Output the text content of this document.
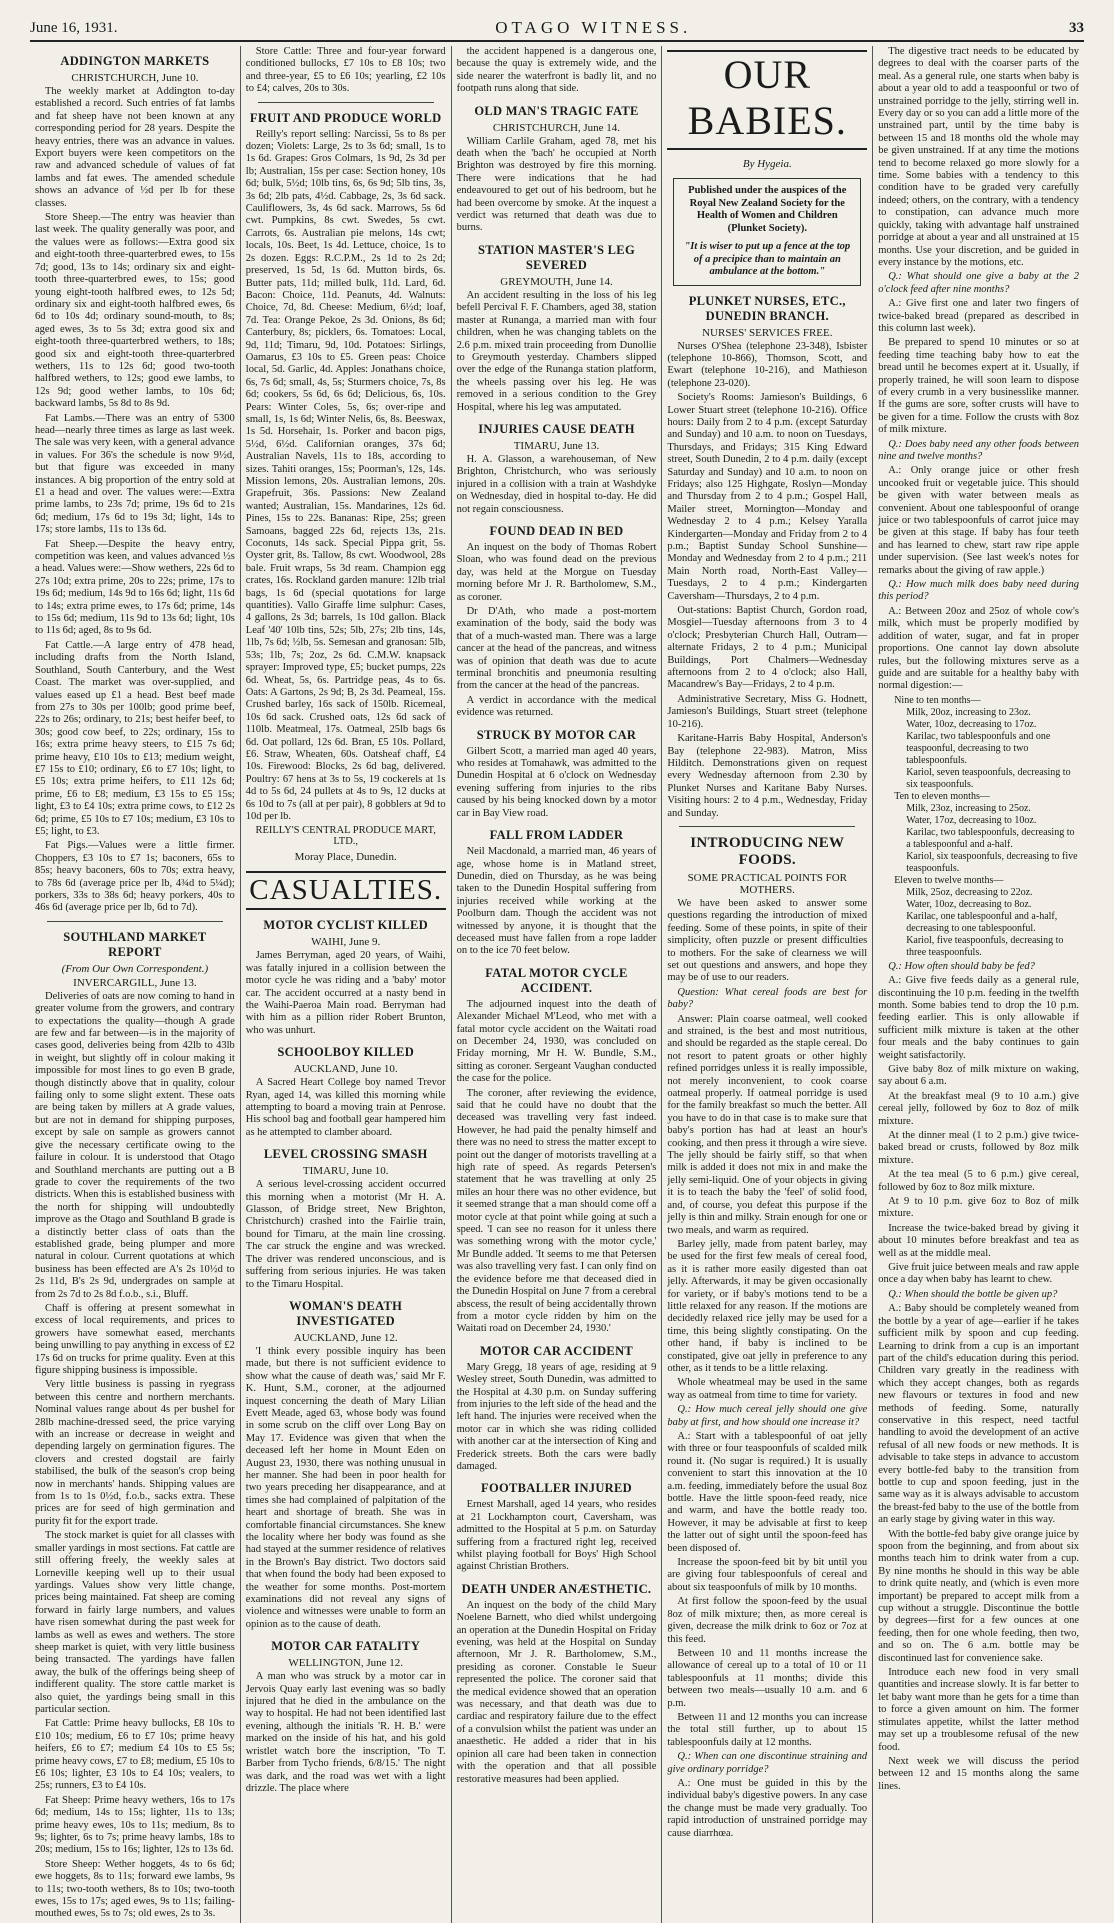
June 16, 1931.	OTAGO WITNESS.	33
ADDINGTON MARKETS
CHRISTCHURCH, June 10.

The weekly market at Addington to-day established a record. Such entries of fat lambs and fat sheep have not been known at any corresponding period for 28 years. Despite the heavy entries, there was an advance in values. Export buyers were keen competitors on the raw and advanced schedule of values of fat lambs and fat ewes. The amended schedule shows an advance of ½d per lb for these classes.

Store Sheep.—The entry was heavier than last week. The quality generally was poor, and the values were as follows:—Extra good six and eight-tooth three-quarterbred ewes, to 15s 7d; good, 13s to 14s; ordinary six and eight-tooth three-quarterbred ewes, to 15s; good young eight-tooth halfbred ewes, to 12s 5d; ordinary six and eight-tooth halfbred ewes, 6s 6d to 10s 4d; ordinary sound-mouth, to 8s; aged ewes, 3s to 5s 3d; extra good six and eight-tooth three-quarterbred wethers, to 18s; good six and eight-tooth three-quarterbred wethers, 11s to 12s 6d; good two-tooth halfbred wethers, to 12s; good ewe lambs, to 12s 9d; good wether lambs, to 10s 6d; backward lambs, 5s 8d to 8s 9d.

Fat Lambs.—There was an entry of 5300 head—nearly three times as large as last week. The sale was very keen, with a general advance in values. For 36's the schedule is now 9½d, but that figure was exceeded in many instances. A big proportion of the entry sold at £1 a head and over. The values were:—Extra prime lambs, to 23s 7d; prime, 19s 6d to 21s 6d; medium, 17s 6d to 19s 3d; light, 14s to 17s; store lambs, 11s to 13s 6d.

Fat Sheep.—Despite the heavy entry, competition was keen, and values advanced ½s a head. Values were:—Show wethers, 22s 6d to 27s 10d; extra prime, 20s to 22s; prime, 17s to 19s 6d; medium, 14s 9d to 16s 6d; light, 11s 6d to 14s; extra prime ewes, to 17s 6d; prime, 14s to 15s 6d; medium, 11s 9d to 13s 6d; light, 10s to 11s 6d; aged, 8s to 9s 6d.

Fat Cattle.—A large entry of 478 head, including drafts from the North Island, Southland, South Canterbury, and the West Coast. The market was over-supplied, and values eased up £1 a head. Best beef made from 27s to 30s per 100lb; good prime beef, 22s to 26s; ordinary, to 21s; best heifer beef, to 30s; good cow beef, to 22s; ordinary, 15s to 16s; extra prime heavy steers, to £15 7s 6d; prime heavy, £10 10s to £13; medium weight, £7 15s to £10; ordinary, £6 to £7 10s; light, to £5 10s; extra prime heifers, to £11 12s 6d; prime, £6 to £8; medium, £3 15s to £5 15s; light, £3 to £4 10s; extra prime cows, to £12 2s 6d; prime, £5 10s to £7 10s; medium, £3 10s to £5; light, to £3.

Fat Pigs.—Values were a little firmer. Choppers, £3 10s to £7 1s; baconers, 65s to 85s; heavy baconers, 60s to 70s; extra heavy, to 78s 6d (average price per lb, 4¾d to 5¼d); porkers, 33s to 38s 6d; heavy porkers, 40s to 46s 6d (average price per lb, 6d to 7d).

SOUTHLAND MARKET REPORT
(From Our Own Correspondent.)
INVERCARGILL, June 13.

Deliveries of oats are now coming to hand in greater volume from the growers, and contrary to expectations the quality—though A grade are few and far between—is in the majority of cases good, deliveries being from 42lb to 43lb in weight, but slightly off in colour making it impossible for most lines to go even B grade, though distinctly above that in quality, colour failing only to some slight extent. These oats are being taken by millers at A grade values, but are not in demand for shipping purposes, except by sale on sample as growers cannot give the necessary certificate owing to the failure in colour. It is understood that Otago and Southland merchants are putting out a B grade to cover the requirements of the two districts. When this is established business with the north for shipping will undoubtedly improve as the Otago and Southland B grade is a distinctly better class of oats than the established grade, being plumper and more natural in colour. Current quotations at which business has been effected are A's 2s 10½d to 2s 11d, B's 2s 9d, undergrades on sample at from 2s 7d to 2s 8d f.o.b., s.i., Bluff.

Chaff is offering at present somewhat in excess of local requirements, and prices to growers have somewhat eased, merchants being unwilling to pay anything in excess of £2 17s 6d on trucks for prime quality. Even at this figure shipping business is impossible.

Very little business is passing in ryegrass between this centre and northern merchants. Nominal values range about 4s per bushel for 28lb machine-dressed seed, the price varying with an increase or decrease in weight and depending largely on germination figures. The clovers and crested dogstail are fairly stabilised, the bulk of the season's crop being now in merchants' hands. Shipping values are from 1s to 1s 0½d, f.o.b., sacks extra. These prices are for seed of high germination and purity fit for the export trade.

The stock market is quiet for all classes with smaller yardings in most sections. Fat cattle are still offering freely, the weekly sales at Lorneville keeping well up to their usual yardings. Values show very little change, prices being maintained. Fat sheep are coming forward in fairly large numbers, and values have risen somewhat during the past week for lambs as well as ewes and wethers. The store sheep market is quiet, with very little business being transacted. The yardings have fallen away, the bulk of the offerings being sheep of indifferent quality. The store cattle market is also quiet, the yardings being small in this particular section.

Fat Cattle: Prime heavy bullocks, £8 10s to £10 10s; medium, £6 to £7 10s; prime heavy heifers, £6 to £7; medium £4 10s to £5 5s; prime heavy cows, £7 to £8; medium, £5 10s to £6 10s; lighter, £3 10s to £4 10s; vealers, to 25s; runners, £3 to £4 10s.

Fat Sheep: Prime heavy wethers, 16s to 17s 6d; medium, 14s to 15s; lighter, 11s to 13s; prime heavy ewes, 10s to 11s; medium, 8s to 9s; lighter, 6s to 7s; prime heavy lambs, 18s to 20s; medium, 15s to 16s; lighter, 12s to 13s 6d.

Store Sheep: Wether hoggets, 4s to 6s 6d; ewe hoggets, 8s to 11s; forward ewe lambs, 9s to 11s; two-tooth wethers, 8s to 10s; two-tooth ewes, 15s to 17s; aged ewes, 9s to 11s; failing-mouthed ewes, 5s to 7s; old ewes, 2s to 3s.

Store Cattle: Three and four-year forward conditioned bullocks, £7 10s to £8 10s; two and three-year, £5 to £6 10s; yearling, £2 10s to £4; calves, 20s to 30s.

FRUIT AND PRODUCE WORLD

Reilly's report selling: Narcissi, 5s to 8s per dozen; Violets: Large, 2s to 3s 6d; small, 1s to 1s 6d. Grapes: Gros Colmars, 1s 9d, 2s 3d per lb; Australian, 15s per case: Section honey, 10s 6d; bulk, 5½d; 10lb tins, 6s, 6s 9d; 5lb tins, 3s, 3s 6d; 2lb pats, 4½d. Cabbage, 2s, 3s 6d sack. Cauliflowers, 3s, 4s 6d sack. Marrows, 5s 6d cwt. Pumpkins, 8s cwt. Swedes, 5s cwt. Carrots, 6s. Australian pie melons, 14s cwt; locals, 10s. Beet, 1s 4d. Lettuce, choice, 1s to 2s dozen. Eggs: R.C.P.M., 2s 1d to 2s 2d; preserved, 1s 5d, 1s 6d. Mutton birds, 6s. Butter pats, 11d; milled bulk, 11d. Lard, 6d. Bacon: Choice, 11d. Peanuts, 4d. Walnuts: Choice, 7d, 8d. Cheese: Medium, 6½d; loaf, 7d. Tea: Orange Pekoe, 2s 3d. Onions, 8s 6d; Canterbury, 8s; picklers, 6s. Tomatoes: Local, 9d, 11d; Timaru, 9d, 10d. Potatoes: Sirlings, Oamarus, £3 10s to £5. Green peas: Choice local, 5d. Garlic, 4d. Apples: Jonathans choice, 6s, 7s 6d; small, 4s, 5s; Sturmers choice, 7s, 8s 6d; cookers, 5s 6d, 6s 6d; Delicious, 6s, 10s. Pears: Winter Coles, 5s, 6s; over-ripe and small, 1s, 1s 6d; Winter Nelis, 6s, 8s. Beeswax, 1s 5d. Horsehair, 1s. Porker and bacon pigs, 5½d, 6½d. Californian oranges, 37s 6d; Australian Navels, 11s to 18s, according to sizes. Tahiti oranges, 15s; Poorman's, 12s, 14s. Mission lemons, 20s. Australian lemons, 20s. Grapefruit, 36s. Passions: New Zealand wanted; Australian, 15s. Mandarines, 12s 6d. Pines, 15s to 22s. Bananas: Ripe, 25s; green Samoans, bagged 22s 6d, rejects 13s, 21s. Coconuts, 14s sack. Special Pippa grit, 5s. Oyster grit, 8s. Tallow, 8s cwt. Woodwool, 28s bale. Fruit wraps, 5s 3d ream. Champion egg crates, 16s. Rockland garden manure: 12lb trial bags, 1s 6d (special quotations for large quantities). Vallo Giraffe lime sulphur: Cases, 4 gallons, 2s 3d; barrels, 1s 10d gallon. Black Leaf '40' 10lb tins, 52s; 5lb, 27s; 2lb tins, 14s, 1lb, 7s 6d; ½lb, 5s. Semesan and granosan: 5lb, 53s; 1lb, 7s; 2oz, 2s 6d. C.M.W. knapsack sprayer: Improved type, £5; bucket pumps, 22s 6d. Wheat, 5s, 6s. Partridge peas, 4s to 6s. Oats: A Gartons, 2s 9d; B, 2s 3d. Peameal, 15s. Crushed barley, 16s sack of 150lb. Ricemeal, 10s 6d sack. Crushed oats, 12s 6d sack of 110lb. Meatmeal, 17s. Oatmeal, 25lb bags 6s 6d. Oat pollard, 12s 6d. Bran, £5 10s. Pollard, £6. Straw, Wheaten, 60s. Oatsheaf chaff, £4 10s. Firewood: Blocks, 2s 6d bag, delivered. Poultry: 67 hens at 3s to 5s, 19 cockerels at 1s 4d to 5s 6d, 24 pullets at 4s to 9s, 12 ducks at 6s 10d to 7s (all at per pair), 8 gobblers at 9d to 10d per lb.

REILLY'S CENTRAL PRODUCE MART, LTD.,
Moray Place, Dunedin.
CASUALTIES.
MOTOR CYCLIST KILLED
WAIHI, June 9.

James Berryman, aged 20 years, of Waihi, was fatally injured in a collision between the motor cycle he was riding and a 'baby' motor car. The accident occurred at a nasty bend in the Waihi-Paeroa Main road. Berryman had with him as a pillion rider Robert Brunton, who was unhurt.

SCHOOLBOY KILLED
AUCKLAND, June 10.

A Sacred Heart College boy named Trevor Ryan, aged 14, was killed this morning while attempting to board a moving train at Penrose. His school bag and football gear hampered him as he attempted to clamber aboard.

LEVEL CROSSING SMASH
TIMARU, June 10.

A serious level-crossing accident occurred this morning when a motorist (Mr H. A. Glasson, of Bridge street, New Brighton, Christchurch) crashed into the Fairlie train, bound for Timaru, at the main line crossing. The car struck the engine and was wrecked. The driver was rendered unconscious, and is suffering from serious injuries. He was taken to the Timaru Hospital.

WOMAN'S DEATH INVESTIGATED
AUCKLAND, June 12.

'I think every possible inquiry has been made, but there is not sufficient evidence to show what the cause of death was,' said Mr F. K. Hunt, S.M., coroner, at the adjourned inquest concerning the death of Mary Lilian Evett Meade, aged 63, whose body was found in some scrub on the cliff over Long Bay on May 17. Evidence was given that when the deceased left her home in Mount Eden on August 23, 1930, there was nothing unusual in her manner. She had been in poor health for two years preceding her disappearance, and at times she had complained of palpitation of the heart and shortage of breath. She was in comfortable financial circumstances. She knew the locality where her body was found as she had stayed at the summer residence of relatives in the Brown's Bay district. Two doctors said that when found the body had been exposed to the weather for some months. Post-mortem examinations did not reveal any signs of violence and witnesses were unable to form an opinion as to the cause of death.

MOTOR CAR FATALITY
WELLINGTON, June 12.

A man who was struck by a motor car in Jervois Quay early last evening was so badly injured that he died in the ambulance on the way to hospital. He had not been identified last evening, although the initials 'R. H. B.' were marked on the inside of his hat, and his gold wristlet watch bore the inscription, 'To T. Barber from Tycho friends, 6/8/15.' The night was dark, and the road was wet with a light drizzle. The place where

the accident happened is a dangerous one, because the quay is extremely wide, and the side nearer the waterfront is badly lit, and no footpath runs along that side.

OLD MAN'S TRAGIC FATE
CHRISTCHURCH, June 14.

William Carlile Graham, aged 78, met his death when the 'bach' he occupied at North Brighton was destroyed by fire this morning. There were indications that he had endeavoured to get out of his bedroom, but he had been overcome by smoke. At the inquest a verdict was returned that death was due to burns.

STATION MASTER'S LEG SEVERED
GREYMOUTH, June 14.

An accident resulting in the loss of his leg befell Percival F. F. Chambers, aged 38, station master at Runanga, a married man with four children, when he was changing tablets on the 2.6 p.m. mixed train proceeding from Dunollie to Greymouth yesterday. Chambers slipped over the edge of the Runanga station platform, the wheels passing over his leg. He was removed in a serious condition to the Grey Hospital, where his leg was amputated.

INJURIES CAUSE DEATH
TIMARU, June 13.

H. A. Glasson, a warehouseman, of New Brighton, Christchurch, who was seriously injured in a collision with a train at Washdyke on Wednesday, died in hospital to-day. He did not regain consciousness.

FOUND DEAD IN BED

An inquest on the body of Thomas Robert Sloan, who was found dead on the previous day, was held at the Morgue on Tuesday morning before Mr J. R. Bartholomew, S.M., as coroner.

Dr D'Ath, who made a post-mortem examination of the body, said the body was that of a much-wasted man. There was a large cancer at the head of the pancreas, and witness was of opinion that death was due to acute terminal bronchitis and pneumonia resulting from the cancer at the head of the pancreas.

A verdict in accordance with the medical evidence was returned.

STRUCK BY MOTOR CAR

Gilbert Scott, a married man aged 40 years, who resides at Tomahawk, was admitted to the Dunedin Hospital at 6 o'clock on Wednesday evening suffering from injuries to the ribs caused by his being knocked down by a motor car in Bay View road.

FALL FROM LADDER

Neil Macdonald, a married man, 46 years of age, whose home is in Matland street, Dunedin, died on Thursday, as he was being taken to the Dunedin Hospital suffering from injuries received while working at the Poolburn dam. Though the accident was not witnessed by anyone, it is thought that the deceased must have fallen from a rope ladder on to the ice 70 feet below.

FATAL MOTOR CYCLE ACCIDENT.

The adjourned inquest into the death of Alexander Michael M'Leod, who met with a fatal motor cycle accident on the Waitati road on December 24, 1930, was concluded on Friday morning, Mr H. W. Bundle, S.M., sitting as coroner. Sergeant Vaughan conducted the case for the police.

The coroner, after reviewing the evidence, said that he could have no doubt that the deceased was travelling very fast indeed. However, he had paid the penalty himself and there was no need to stress the matter except to point out the danger of motorists travelling at a high rate of speed. As regards Petersen's statement that he was travelling at only 25 miles an hour there was no other evidence, but it seemed strange that a man should come off a motor cycle at that point while going at such a speed. 'I can see no reason for it unless there was something wrong with the motor cycle,' Mr Bundle added. 'It seems to me that Petersen was also travelling very fast. I can only find on the evidence before me that deceased died in the Dunedin Hospital on June 7 from a cerebral abscess, the result of being accidentally thrown from a motor cycle ridden by him on the Waitati road on December 24, 1930.'

MOTOR CAR ACCIDENT

Mary Gregg, 18 years of age, residing at 9 Wesley street, South Dunedin, was admitted to the Hospital at 4.30 p.m. on Sunday suffering from injuries to the left side of the head and the left hand. The injuries were received when the motor car in which she was riding collided with another car at the intersection of King and Frederick streets. Both the cars were badly damaged.

FOOTBALLER INJURED

Ernest Marshall, aged 14 years, who resides at 21 Lockhampton court, Caversham, was admitted to the Hospital at 5 p.m. on Saturday suffering from a fractured right leg, received whilst playing football for Boys' High School against Christian Brothers.

DEATH UNDER ANÆSTHETIC.

An inquest on the body of the child Mary Noelene Barnett, who died whilst undergoing an operation at the Dunedin Hospital on Friday evening, was held at the Hospital on Sunday afternoon, Mr J. R. Bartholomew, S.M., presiding as coroner. Constable le Sueur represented the police. The coroner said that the medical evidence showed that an operation was necessary, and that death was due to cardiac and respiratory failure due to the effect of a convulsion whilst the patient was under an anaesthetic. He added a rider that in his opinion all care had been taken in connection with the operation and that all possible restorative measures had been applied.

OUR BABIES.
By Hygeia.
Published under the auspices of the Royal New Zealand Society for the Health of Women and Children (Plunket Society).
"It is wiser to put up a fence at the top of a precipice than to maintain an ambulance at the bottom."
PLUNKET NURSES, ETC., DUNEDIN BRANCH.
NURSES' SERVICES FREE.

Nurses O'Shea (telephone 23-348), Isbister (telephone 10-866), Thomson, Scott, and Ewart (telephone 10-216), and Mathieson (telephone 23-020).

Society's Rooms: Jamieson's Buildings, 6 Lower Stuart street (telephone 10-216). Office hours: Daily from 2 to 4 p.m. (except Saturday and Sunday) and 10 a.m. to noon on Tuesdays, Thursdays, and Fridays; 315 King Edward street, South Dunedin, 2 to 4 p.m. daily (except Saturday and Sunday) and 10 a.m. to noon on Fridays; also 125 Highgate, Roslyn—Monday and Thursday from 2 to 4 p.m.; Gospel Hall, Mailer street, Mornington—Monday and Wednesday 2 to 4 p.m.; Kelsey Yaralla Kindergarten—Monday and Friday from 2 to 4 p.m.; Baptist Sunday School Sunshine—Monday and Wednesday from 2 to 4 p.m.; 211 Main North road, North-East Valley—Tuesdays, 2 to 4 p.m.; Kindergarten Caversham—Thursdays, 2 to 4 p.m.

Out-stations: Baptist Church, Gordon road, Mosgiel—Tuesday afternoons from 3 to 4 o'clock; Presbyterian Church Hall, Outram—alternate Fridays, 2 to 4 p.m.; Municipal Buildings, Port Chalmers—Wednesday afternoons from 2 to 4 o'clock; also Hall, Macandrew's Bay—Fridays, 2 to 4 p.m.

Administrative Secretary, Miss G. Hodnett, Jamieson's Buildings, Stuart street (telephone 10-216).

Karitane-Harris Baby Hospital, Anderson's Bay (telephone 22-983). Matron, Miss Hilditch. Demonstrations given on request every Wednesday afternoon from 2.30 by Plunket Nurses and Karitane Baby Nurses. Visiting hours: 2 to 4 p.m., Wednesday, Friday and Sunday.

INTRODUCING NEW FOODS.
SOME PRACTICAL POINTS FOR MOTHERS.

We have been asked to answer some questions regarding the introduction of mixed feeding. Some of these points, in spite of their simplicity, often puzzle or present difficulties to mothers. For the sake of clearness we will set out questions and answers, and hope they may be of use to our readers.

Question: What cereal foods are best for baby?

Answer: Plain coarse oatmeal, well cooked and strained, is the best and most nutritious, and should be regarded as the staple cereal. Do not resort to patent groats or other highly refined porridges unless it is really impossible, not merely inconvenient, to cook coarse oatmeal properly. If oatmeal porridge is used for the family breakfast so much the better. All you have to do in that case is to make sure that baby's portion has had at least an hour's cooking, and then press it through a wire sieve. The jelly should be fairly stiff, so that when milk is added it does not mix in and make the jelly semi-liquid. One of your objects in giving it is to teach the baby the 'feel' of solid food, and, of course, you defeat this purpose if the jelly is thin and milky. Strain enough for one or two meals, and warm as required.

Barley jelly, made from patent barley, may be used for the first few meals of cereal food, as it is rather more easily digested than oat jelly. Afterwards, it may be given occasionally for variety, or if baby's motions tend to be a little relaxed for any reason. If the motions are decidedly relaxed rice jelly may be used for a time, this being slightly constipating. On the other hand, if baby is inclined to be constipated, give oat jelly in preference to any other, as it tends to be a little relaxing.

Whole wheatmeal may be used in the same way as oatmeal from time to time for variety.

Q.: How much cereal jelly should one give baby at first, and how should one increase it?

A.: Start with a tablespoonful of oat jelly with three or four teaspoonfuls of scalded milk round it. (No sugar is required.) It is usually convenient to start this innovation at the 10 a.m. feeding, immediately before the usual 8oz bottle. Have the little spoon-feed ready, nice and warm, and have the bottle ready too. However, it may be advisable at first to keep the latter out of sight until the spoon-feed has been disposed of.

Increase the spoon-feed bit by bit until you are giving four tablespoonfuls of cereal and about six teaspoonfuls of milk by 10 months.

At first follow the spoon-feed by the usual 8oz of milk mixture; then, as more cereal is given, decrease the milk drink to 6oz or 7oz at this feed.

Between 10 and 11 months increase the allowance of cereal up to a total of 10 or 11 tablespoonfuls at 11 months; divide this between two meals—usually 10 a.m. and 6 p.m.

Between 11 and 12 months you can increase the total still further, up to about 15 tablespoonfuls daily at 12 months.

Q.: When can one discontinue straining and give ordinary porridge?

A.: One must be guided in this by the individual baby's digestive powers. In any case the change must be made very gradually. Too rapid introduction of unstrained porridge may cause diarrhœa.

The digestive tract needs to be educated by degrees to deal with the coarser parts of the meal. As a general rule, one starts when baby is about a year old to add a teaspoonful or two of unstrained porridge to the jelly, stirring well in. Every day or so you can add a little more of the unstrained part, until by the time baby is between 15 and 18 months old the whole may be given unstrained. If at any time the motions tend to become relaxed go more slowly for a time. Some babies with a tendency to this condition have to be graded very carefully indeed; others, on the contrary, with a tendency to constipation, can advance much more quickly, taking with advantage half unstrained porridge at about a year and all unstrained at 15 months. Use your discretion, and be guided in every instance by the motions, etc.

Q.: What should one give a baby at the 2 o'clock feed after nine months?

A.: Give first one and later two fingers of twice-baked bread (prepared as described in this column last week).

Be prepared to spend 10 minutes or so at feeding time teaching baby how to eat the bread until he becomes expert at it. Usually, if properly trained, he will soon learn to dispose of every crumb in a very businesslike manner. If the gums are sore, softer crusts will have to be given for a time. Follow the crusts with 8oz of milk mixture.

Q.: Does baby need any other foods between nine and twelve months?

A.: Only orange juice or other fresh uncooked fruit or vegetable juice. This should be given with water between meals as convenient. About one tablespoonful of orange juice or two tablespoonfuls of carrot juice may be given at this stage. If baby has four teeth and has learned to chew, start raw ripe apple under supervision. (See last week's notes for remarks about the giving of raw apple.)

Q.: How much milk does baby need during this period?

A.: Between 20oz and 25oz of whole cow's milk, which must be properly modified by addition of water, sugar, and fat in proper proportions. One cannot lay down absolute rules, but the following mixtures serve as a guide and are suitable for a healthy baby with normal digestion:—

Nine to ten months—
Milk, 20oz, increasing to 23oz.
Water, 10oz, decreasing to 17oz.
Karilac, two tablespoonfuls and one teaspoonful, decreasing to two tablespoonfuls.
Kariol, seven teaspoonfuls, decreasing to six teaspoonfuls.
Ten to eleven months—
Milk, 23oz, increasing to 25oz.
Water, 17oz, decreasing to 10oz.
Karilac, two tablespoonfuls, decreasing to a tablespoonful and a-half.
Kariol, six teaspoonfuls, decreasing to five teaspoonfuls.
Eleven to twelve months—
Milk, 25oz, decreasing to 22oz.
Water, 10oz, decreasing to 8oz.
Karilac, one tablespoonful and a-half, decreasing to one tablespoonful.
Kariol, five teaspoonfuls, decreasing to three teaspoonfuls.

Q.: How often should baby be fed?

A.: Give five feeds daily as a general rule, discontinuing the 10 p.m. feeding in the twelfth month. Some babies tend to drop the 10 p.m. feeding earlier. This is only allowable if sufficient milk mixture is taken at the other four meals and the baby continues to gain weight satisfactorily.

Give baby 8oz of milk mixture on waking, say about 6 a.m.

At the breakfast meal (9 to 10 a.m.) give cereal jelly, followed by 6oz to 8oz of milk mixture.

At the dinner meal (1 to 2 p.m.) give twice-baked bread or crusts, followed by 8oz milk mixture.

At the tea meal (5 to 6 p.m.) give cereal, followed by 6oz to 8oz milk mixture.

At 9 to 10 p.m. give 6oz to 8oz of milk mixture.

Increase the twice-baked bread by giving it about 10 minutes before breakfast and tea as well as at the middle meal.

Give fruit juice between meals and raw apple once a day when baby has learnt to chew.

Q.: When should the bottle be given up?

A.: Baby should be completely weaned from the bottle by a year of age—earlier if he takes sufficient milk by spoon and cup feeding. Learning to drink from a cup is an important part of the child's education during this period. Children vary greatly in the readiness with which they accept changes, both as regards new flavours or textures in food and new methods of feeding. Some, naturally conservative in this respect, need tactful handling to avoid the development of an active refusal of all new foods or new methods. It is advisable to take steps in advance to accustom every bottle-fed baby to the transition from bottle to cup and spoon feeding, just in the same way as it is always advisable to accustom the breast-fed baby to the use of the bottle from an early stage by giving water in this way.

With the bottle-fed baby give orange juice by spoon from the beginning, and from about six months teach him to drink water from a cup. By nine months he should in this way be able to drink quite neatly, and (which is even more important) be prepared to accept milk from a cup without a struggle. Discontinue the bottle by degrees—first for a few ounces at one feeding, then for one whole feeding, then two, and so on. The 6 a.m. bottle may be discontinued last for convenience sake.

Introduce each new food in very small quantities and increase slowly. It is far better to let baby want more than he gets for a time than to force a given amount on him. The former stimulates appetite, whilst the latter method may set up a troublesome refusal of the new food.

Next week we will discuss the period between 12 and 15 months along the same lines.
